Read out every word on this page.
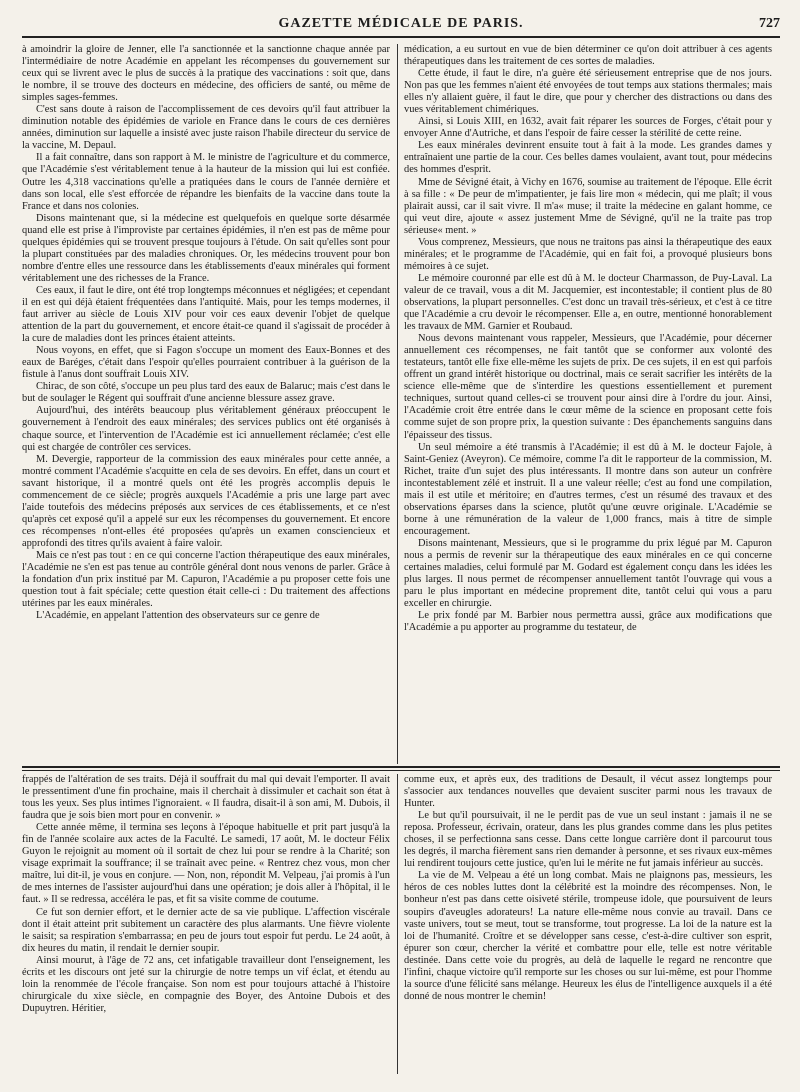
GAZETTE MÉDICALE DE PARIS.	727

à amoindrir la gloire de Jenner, elle l'a sanctionnée et la sanctionne chaque année par l'intermédiaire de notre Académie en appelant les récompenses du gouvernement sur ceux qui se livrent avec le plus de succès à la pratique des vaccinations : soit que, dans le nombre, il se trouve des docteurs en médecine, des officiers de santé, ou même de simples sages-femmes.

C'est sans doute à raison de l'accomplissement de ces devoirs qu'il faut attribuer la diminution notable des épidémies de variole en France dans le cours de ces dernières années, diminution sur laquelle a insisté avec juste raison l'habile directeur du service de la vaccine, M. Depaul.

Il a fait connaître, dans son rapport à M. le ministre de l'agriculture et du commerce, que l'Académie s'est véritablement tenue à la hauteur de la mission qui lui est confiée. Outre les 4,318 vaccinations qu'elle a pratiquées dans le cours de l'année dernière et dans son local, elle s'est efforcée de répandre les bienfaits de la vaccine dans toute la France et dans nos colonies.

Disons maintenant que, si la médecine est quelquefois en quelque sorte désarmée quand elle est prise à l'improviste par certaines épidémies, il n'en est pas de même pour quelques épidémies qui se trouvent presque toujours à l'étude. On sait qu'elles sont pour la plupart constituées par des maladies chroniques. Or, les médecins trouvent pour bon nombre d'entre elles une ressource dans les établissements d'eaux minérales qui forment véritablement une des richesses de la France.

Ces eaux, il faut le dire, ont été trop longtemps méconnues et négligées; et cependant il en est qui déjà étaient fréquentées dans l'antiquité. Mais, pour les temps modernes, il faut arriver au siècle de Louis XIV pour voir ces eaux devenir l'objet de quelque attention de la part du gouvernement, et encore était-ce quand il s'agissait de procéder à la cure de maladies dont les princes étaient atteints.

Nous voyons, en effet, que si Fagon s'occupe un moment des Eaux-Bonnes et des eaux de Baréges, c'était dans l'espoir qu'elles pourraient contribuer à la guérison de la fistule à l'anus dont souffrait Louis XIV.

Chirac, de son côté, s'occupe un peu plus tard des eaux de Balaruc; mais c'est dans le but de soulager le Régent qui souffrait d'une ancienne blessure assez grave.

Aujourd'hui, des intérêts beaucoup plus véritablement généraux préoccupent le gouvernement à l'endroit des eaux minérales; des services publics ont été organisés à chaque source, et l'intervention de l'Académie est ici annuellement réclamée; c'est elle qui est chargée de contrôler ces services.

M. Devergie, rapporteur de la commission des eaux minérales pour cette année, a montré comment l'Académie s'acquitte en cela de ses devoirs. En effet, dans un court et savant historique, il a montré quels ont été les progrès accomplis depuis le commencement de ce siècle; progrès auxquels l'Académie a pris une large part avec l'aide toutefois des médecins préposés aux services de ces établissements, et ce n'est qu'après cet exposé qu'il a appelé sur eux les récompenses du gouvernement. Et encore ces récompenses n'ont-elles été proposées qu'après un examen consciencieux et approfondi des titres qu'ils avaient à faire valoir.

Mais ce n'est pas tout : en ce qui concerne l'action thérapeutique des eaux minérales, l'Académie ne s'en est pas tenue au contrôle général dont nous venons de parler. Grâce à la fondation d'un prix institué par M. Capuron, l'Académie a pu proposer cette fois une question tout à fait spéciale; cette question était celle-ci : Du traitement des affections utérines par les eaux minérales.

L'Académie, en appelant l'attention des observateurs sur ce genre de

médication, a eu surtout en vue de bien déterminer ce qu'on doit attribuer à ces agents thérapeutiques dans les traitement de ces sortes de maladies.

Cette étude, il faut le dire, n'a guère été sérieusement entreprise que de nos jours. Non pas que les femmes n'aient été envoyées de tout temps aux stations thermales; mais elles n'y allaient guère, il faut le dire, que pour y chercher des distractions ou dans des vues véritablement chimériques.

Ainsi, si Louis XIII, en 1632, avait fait réparer les sources de Forges, c'était pour y envoyer Anne d'Autriche, et dans l'espoir de faire cesser la stérilité de cette reine.

Les eaux minérales devinrent ensuite tout à fait à la mode. Les grandes dames y entraînaient une partie de la cour. Ces belles dames voulaient, avant tout, pour médecins des hommes d'esprit.

Mme de Sévigné était, à Vichy en 1676, soumise au traitement de l'époque. Elle écrit à sa fille : « De peur de m'impatienter, je fais lire mon « médecin, qui me plaît; il vous plairait aussi, car il sait vivre. Il m'a« muse; il traite la médecine en galant homme, ce qui veut dire, ajoute « assez justement Mme de Sévigné, qu'il ne la traite pas trop sérieuse« ment. »

Vous comprenez, Messieurs, que nous ne traitons pas ainsi la thérapeutique des eaux minérales; et le programme de l'Académie, qui en fait foi, a provoqué plusieurs bons mémoires à ce sujet.

Le mémoire couronné par elle est dû à M. le docteur Charmasson, de Puy-Laval. La valeur de ce travail, vous a dit M. Jacquemier, est incontestable; il contient plus de 80 observations, la plupart personnelles. C'est donc un travail très-sérieux, et c'est à ce titre que l'Académie a cru devoir le récompenser. Elle a, en outre, mentionné honorablement les travaux de MM. Garnier et Roubaud.

Nous devons maintenant vous rappeler, Messieurs, que l'Académie, pour décerner annuellement ces récompenses, ne fait tantôt que se conformer aux volonté des testateurs, tantôt elle fixe elle-même les sujets de prix. De ces sujets, il en est qui parfois offrent un grand intérêt historique ou doctrinal, mais ce serait sacrifier les intérêts de la science elle-même que de s'interdire les questions essentiellement et purement techniques, surtout quand celles-ci se trouvent pour ainsi dire à l'ordre du jour. Ainsi, l'Académie croit être entrée dans le cœur même de la science en proposant cette fois comme sujet de son propre prix, la question suivante : Des épanchements sanguins dans l'épaisseur des tissus.

Un seul mémoire a été transmis à l'Académie; il est dû à M. le docteur Fajole, à Saint-Geniez (Aveyron). Ce mémoire, comme l'a dit le rapporteur de la commission, M. Richet, traite d'un sujet des plus intéressants. Il montre dans son auteur un confrère incontestablement zélé et instruit. Il a une valeur réelle; c'est au fond une compilation, mais il est utile et méritoire; en d'autres termes, c'est un résumé des travaux et des observations éparses dans la science, plutôt qu'une œuvre originale. L'Académie se borne à une rémunération de la valeur de 1,000 francs, mais à titre de simple encouragement.

Disons maintenant, Messieurs, que si le programme du prix légué par M. Capuron nous a permis de revenir sur la thérapeutique des eaux minérales en ce qui concerne certaines maladies, celui formulé par M. Godard est également conçu dans les idées les plus larges. Il nous permet de récompenser annuellement tantôt l'ouvrage qui vous a paru le plus important en médecine proprement dite, tantôt celui qui vous a paru exceller en chirurgie.

Le prix fondé par M. Barbier nous permettra aussi, grâce aux modifications que l'Académie a pu apporter au programme du testateur, de

frappés de l'altération de ses traits. Déjà il souffrait du mal qui devait l'emporter. Il avait le pressentiment d'une fin prochaine, mais il cherchait à dissimuler et cachait son état à tous les yeux. Ses plus intimes l'ignoraient. « Il faudra, disait-il à son ami, M. Dubois, il faudra que je sois bien mort pour en convenir. »

Cette année même, il termina ses leçons à l'époque habituelle et prit part jusqu'à la fin de l'année scolaire aux actes de la Faculté. Le samedi, 17 août, M. le docteur Félix Guyon le rejoignit au moment où il sortait de chez lui pour se rendre à la Charité; son visage exprimait la souffrance; il se traînait avec peine. « Rentrez chez vous, mon cher maître, lui dit-il, je vous en conjure. — Non, non, répondit M. Velpeau, j'ai promis à l'un de mes internes de l'assister aujourd'hui dans une opération; je dois aller à l'hôpital, il le faut. » Il se redressa, accéléra le pas, et fit sa visite comme de coutume.

Ce fut son dernier effort, et le dernier acte de sa vie publique. L'affection viscérale dont il était atteint prit subitement un caractère des plus alarmants. Une fièvre violente le saisit; sa respiration s'embarrassa; en peu de jours tout espoir fut perdu. Le 24 août, à dix heures du matin, il rendait le dernier soupir.

Ainsi mourut, à l'âge de 72 ans, cet infatigable travailleur dont l'enseignement, les écrits et les discours ont jeté sur la chirurgie de notre temps un vif éclat, et étendu au loin la renommée de l'école française. Son nom est pour toujours attaché à l'histoire chirurgicale du xixe siècle, en compagnie des Boyer, des Antoine Dubois et des Dupuytren. Héritier,

comme eux, et après eux, des traditions de Desault, il vécut assez longtemps pour s'associer aux tendances nouvelles que devaient susciter parmi nous les travaux de Hunter.

Le but qu'il poursuivait, il ne le perdit pas de vue un seul instant : jamais il ne se reposa. Professeur, écrivain, orateur, dans les plus grandes comme dans les plus petites choses, il se perfectionna sans cesse. Dans cette longue carrière dont il parcourut tous les degrés, il marcha fièrement sans rien demander à personne, et ses rivaux eux-mêmes lui rendirent toujours cette justice, qu'en lui le mérite ne fut jamais inférieur au succès.

La vie de M. Velpeau a été un long combat. Mais ne plaignons pas, messieurs, les héros de ces nobles luttes dont la célébrité est la moindre des récompenses. Non, le bonheur n'est pas dans cette oisiveté stérile, trompeuse idole, que poursuivent de leurs soupirs d'aveugles adorateurs! La nature elle-même nous convie au travail. Dans ce vaste univers, tout se meut, tout se transforme, tout progresse. La loi de la nature est la loi de l'humanité. Croître et se développer sans cesse, c'est-à-dire cultiver son esprit, épurer son cœur, chercher la vérité et combattre pour elle, telle est notre véritable destinée. Dans cette voie du progrès, au delà de laquelle le regard ne rencontre que l'infini, chaque victoire qu'il remporte sur les choses ou sur lui-même, est pour l'homme la source d'une félicité sans mélange. Heureux les élus de l'intelligence auxquels il a été donné de nous montrer le chemin!
